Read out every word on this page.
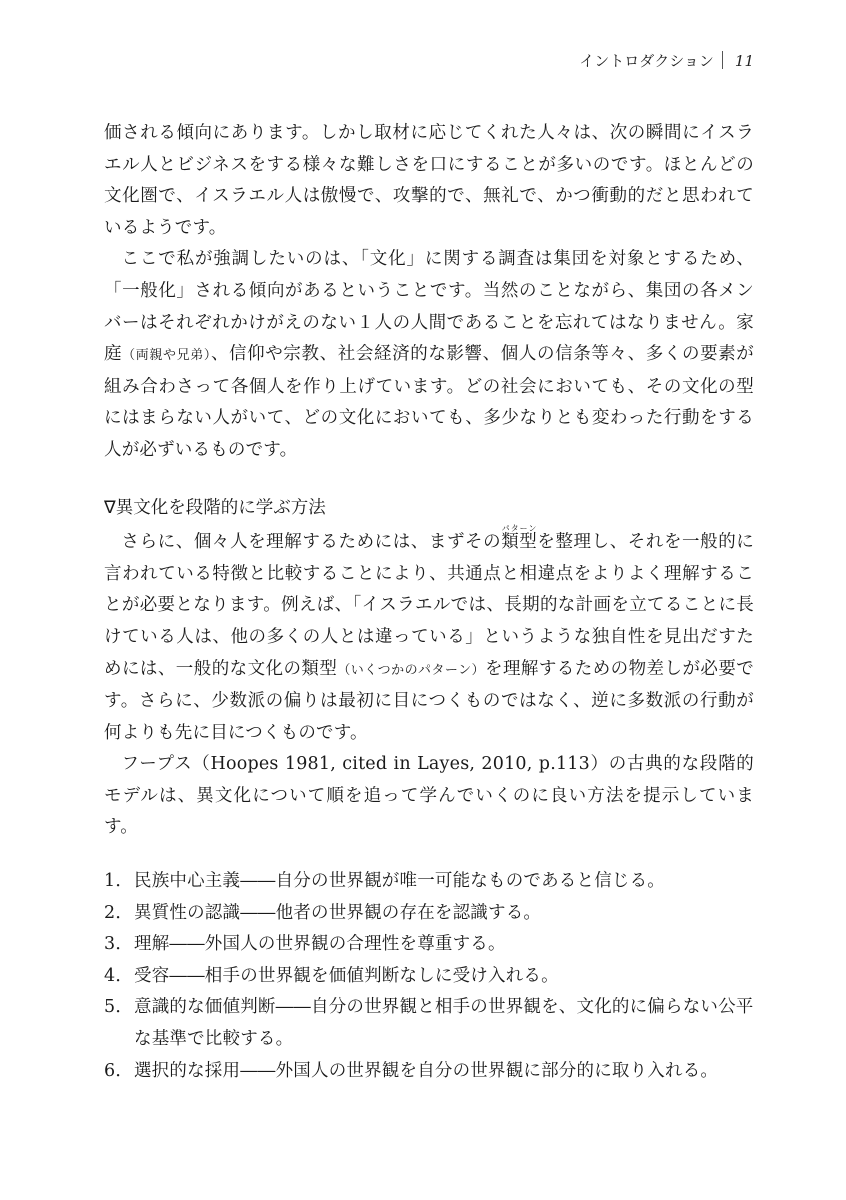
イントロダクション 11

価される傾向にあります。しかし取材に応じてくれた人々は、次の瞬間にイスラエル人とビジネスをする様々な難しさを口にすることが多いのです。ほとんどの文化圏で、イスラエル人は傲慢で、攻撃的で、無礼で、かつ衝動的だと思われているようです。

ここで私が強調したいのは、「文化」に関する調査は集団を対象とするため、「一般化」される傾向があるということです。当然のことながら、集団の各メンバーはそれぞれかけがえのない１人の人間であることを忘れてはなりません。家庭（両親や兄弟）、信仰や宗教、社会経済的な影響、個人の信条等々、多くの要素が組み合わさって各個人を作り上げています。どの社会においても、その文化の型にはまらない人がいて、どの文化においても、多少なりとも変わった行動をする人が必ずいるものです。

∇異文化を段階的に学ぶ方法

さらに、個々人を理解するためには、まずその類型パターンを整理し、それを一般的に言われている特徴と比較することにより、共通点と相違点をよりよく理解することが必要となります。例えば、「イスラエルでは、長期的な計画を立てることに長けている人は、他の多くの人とは違っている」というような独自性を見出だすためには、一般的な文化の類型（いくつかのパターン）を理解するための物差しが必要です。さらに、少数派の偏りは最初に目につくものではなく、逆に多数派の行動が何よりも先に目につくものです。

フープス（Hoopes 1981, cited in Layes, 2010, p.113）の古典的な段階的モデルは、異文化について順を追って学んでいくのに良い方法を提示しています。

1． 民族中心主義――自分の世界観が唯一可能なものであると信じる。
2． 異質性の認識――他者の世界観の存在を認識する。
3． 理解――外国人の世界観の合理性を尊重する。
4． 受容――相手の世界観を価値判断なしに受け入れる。
5． 意識的な価値判断――自分の世界観と相手の世界観を、文化的に偏らない公平な基準で比較する。
6． 選択的な採用――外国人の世界観を自分の世界観に部分的に取り入れる。
